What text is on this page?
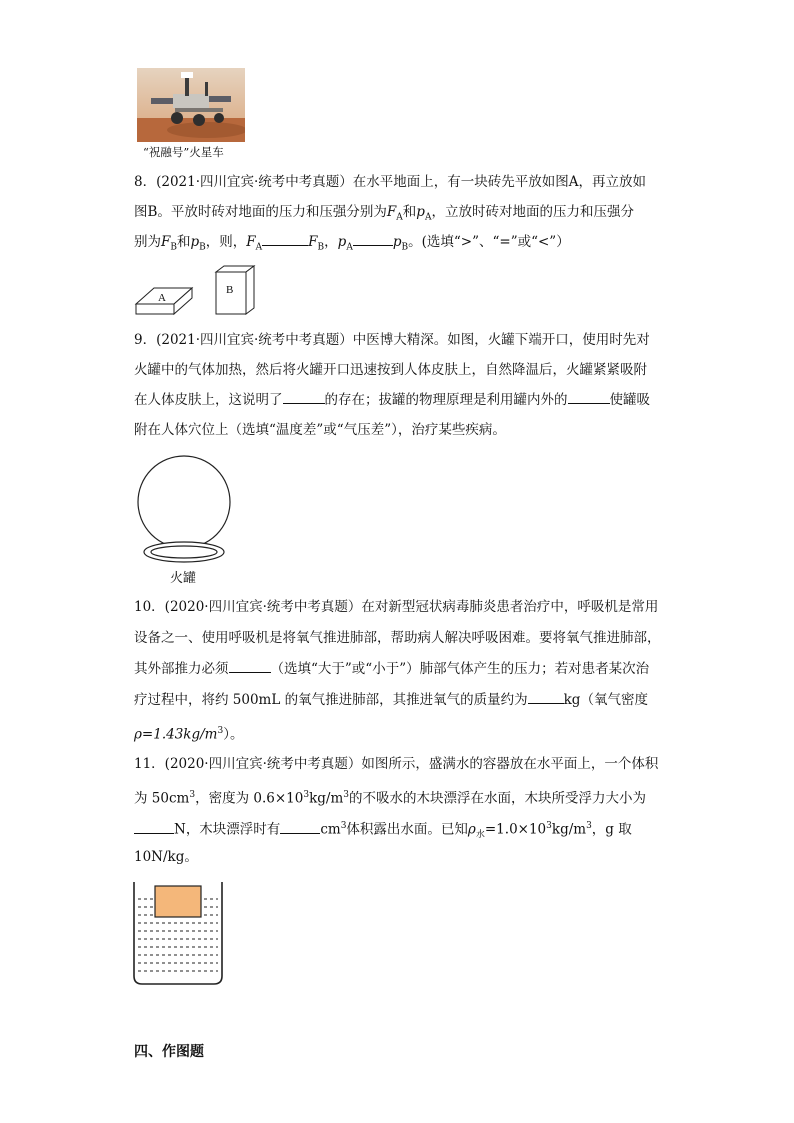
“祝融号”火星车
8．(2021·四川宜宾·统考中考真题）在水平地面上，有一块砖先平放如图A，再立放如
图B。平放时砖对地面的压力和压强分别为$F_A$和$p_A$，立放时砖对地面的压力和压强分
别为$F_B$和$p_B$，则，$F_A$	$F_B$，$p_A$	$p_B$。(选填“>”、“=”或“<”）
A
B
9．(2021·四川宜宾·统考中考真题）中医博大精深。如图，火罐下端开口，使用时先对
火罐中的气体加热，然后将火罐开口迅速按到人体皮肤上，自然降温后，火罐紧紧吸附
在人体皮肤上，这说明了	的存在；拔罐的物理原理是利用罐内外的	使罐吸
附在人体穴位上（选填“温度差”或“气压差”），治疗某些疾病。
火罐
10．(2020·四川宜宾·统考中考真题）在对新型冠状病毒肺炎患者治疗中，呼吸机是常用
设备之一、使用呼吸机是将氧气推进肺部，帮助病人解决呼吸困难。要将氧气推进肺部，
其外部推力必须	（选填“大于”或“小于”）肺部气体产生的压力；若对患者某次治
疗过程中，将约 500mL 的氧气推进肺部，其推进氧气的质量约为	kg（氧气密度
$\rho=1.43kg/m^3$）。
11．(2020·四川宜宾·统考中考真题）如图所示，盛满水的容器放在水平面上，一个体积
为 $50cm^3$，密度为 $0.6\times 10^3kg/m^3$的不吸水的木块漂浮在水面，木块所受浮力大小为
N，木块漂浮时有	$cm^3$体积露出水面。已知$\rho_水=1.0\times 10^3kg/m^3$，g 取
10N/kg。
四、作图题
